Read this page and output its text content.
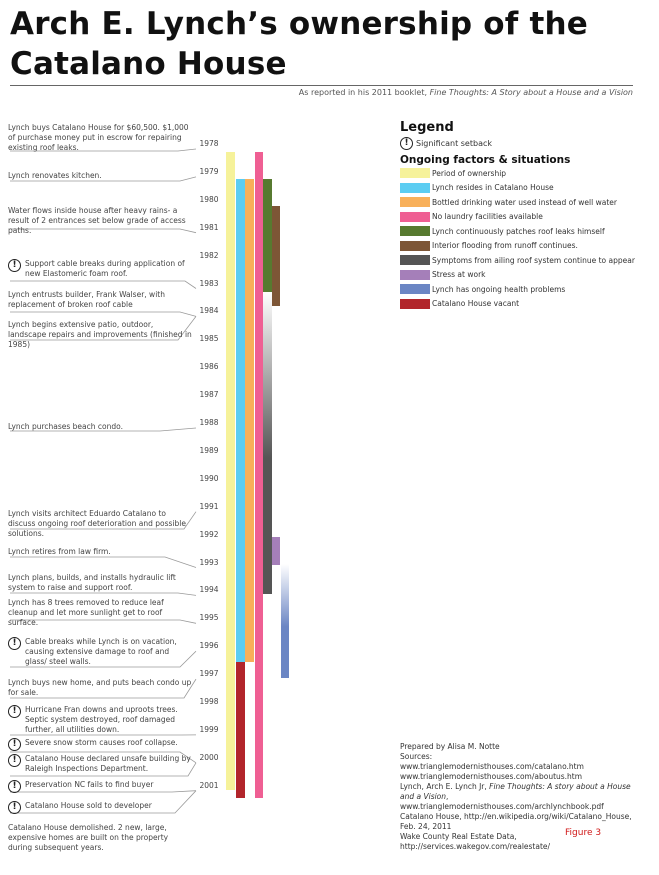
Arch E. Lynch’s ownership of the Catalano House
As reported in his 2011 booklet, Fine Thoughts: A Story about a House and a Vision
1978
1979
1980
1981
1982
1983
1984
1985
1986
1987
1988
1989
1990
1991
1992
1993
1994
1995
1996
1997
1998
1999
2000
2001
Lynch buys Catalano House for $60,500. $1,000 of purchase money put in escrow for repairing existing roof leaks.
Lynch renovates kitchen.
Water flows inside house after heavy rains- a result of 2 entrances set below grade of access paths.
!	Support cable breaks during application of new Elastomeric foam roof.
Lynch entrusts builder, Frank Walser, with replacement of broken roof cable
Lynch begins extensive patio, outdoor, landscape repairs and improvements (finished in 1985)
Lynch purchases beach condo.
Lynch visits architect Eduardo Catalano to discuss ongoing roof deterioration and possible solutions.
Lynch retires from law firm.
Lynch plans, builds, and installs hydraulic lift system to raise and support roof.
Lynch has 8 trees removed to reduce leaf cleanup and let more sunlight get to roof surface.
!	Cable breaks while Lynch is on vacation, causing extensive damage to roof and glass/ steel walls.
Lynch buys new home, and puts beach condo up for sale.
!	Hurricane Fran downs and uproots trees. Septic system destroyed, roof damaged further, all utilities down.
!	Severe snow storm causes roof collapse.
!	Catalano House declared unsafe building by Raleigh Inspections Department.
!	Preservation NC fails to find buyer
!	Catalano House sold to developer
Catalano House demolished. 2 new, large, expensive homes are built on the property during subsequent years.
Legend
! Significant setback
Ongoing factors & situations
Period of ownership
Lynch resides in Catalano House
Bottled drinking water used instead of well water
No laundry facilities available
Lynch continuously patches roof leaks himself
Interior flooding from runoff continues.
Symptoms from ailing roof system continue to appear
Stress at work
Lynch has ongoing health problems
Catalano House vacant
Prepared by Alisa M. Notte
Sources:
www.trianglemodernisthouses.com/catalano.htm
www.trianglemodernisthouses.com/aboutus.htm
Lynch, Arch E. Lynch Jr, Fine Thoughts: A story about a House and a Vision, www.trianglemodernisthouses.com/archlynchbook.pdf
Catalano House, http://en.wikipedia.org/wiki/Catalano_House, Feb. 24, 2011
Wake County Real Estate Data, http://services.wakegov.com/realestate/
Figure 3
